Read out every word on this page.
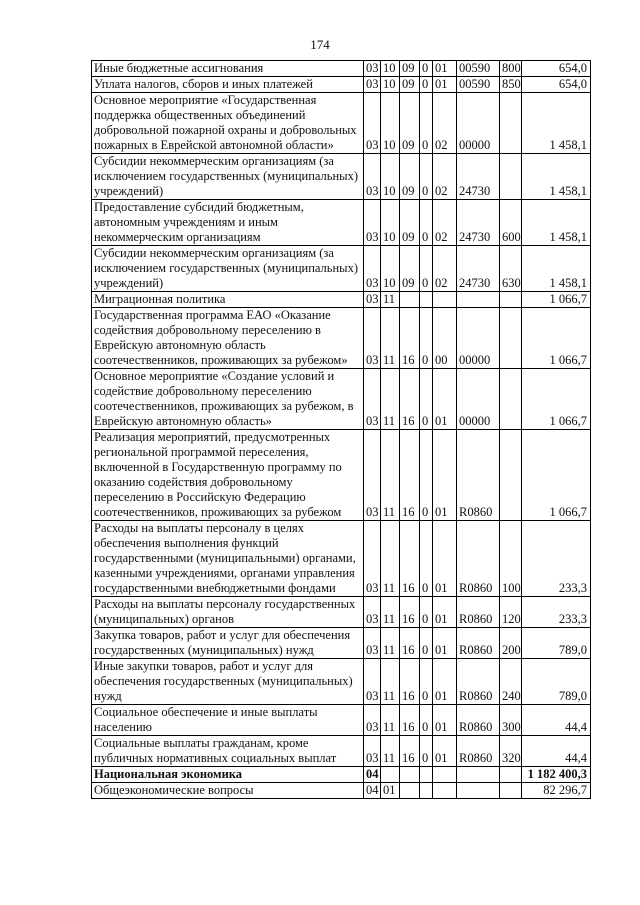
174
Иные бюджетные ассигнования	03	10	09	0	01	00590	800	654,0
Уплата налогов, сборов и иных платежей	03	10	09	0	01	00590	850	654,0
Основное мероприятие «Государственная поддержка общественных объединений добровольной пожарной охраны и добровольных пожарных в Еврейской автономной области»	03	10	09	0	02	00000		1 458,1
Субсидии некоммерческим организациям (за исключением государственных (муниципальных) учреждений)	03	10	09	0	02	24730		1 458,1
Предоставление субсидий бюджетным, автономным учреждениям и иным некоммерческим организациям	03	10	09	0	02	24730	600	1 458,1
Субсидии некоммерческим организациям (за исключением государственных (муниципальных) учреждений)	03	10	09	0	02	24730	630	1 458,1
Миграционная политика	03	11						1 066,7
Государственная программа ЕАО «Оказание содействия добровольному переселению в Еврейскую автономную область соотечественников, проживающих за рубежом»	03	11	16	0	00	00000		1 066,7
Основное мероприятие «Создание условий и содействие добровольному переселению соотечественников, проживающих за рубежом, в Еврейскую автономную область»	03	11	16	0	01	00000		1 066,7
Реализация мероприятий, предусмотренных региональной программой переселения, включенной в Государственную программу по оказанию содействия добровольному переселению в Российскую Федерацию соотечественников, проживающих за рубежом	03	11	16	0	01	R0860		1 066,7
Расходы на выплаты персоналу в целях обеспечения выполнения функций государственными (муниципальными) органами, казенными учреждениями, органами управления государственными внебюджетными фондами	03	11	16	0	01	R0860	100	233,3
Расходы на выплаты персоналу государственных (муниципальных) органов	03	11	16	0	01	R0860	120	233,3
Закупка товаров, работ и услуг для обеспечения государственных (муниципальных) нужд	03	11	16	0	01	R0860	200	789,0
Иные закупки товаров, работ и услуг для обеспечения государственных (муниципальных) нужд	03	11	16	0	01	R0860	240	789,0
Социальное обеспечение и иные выплаты населению	03	11	16	0	01	R0860	300	44,4
Социальные выплаты гражданам, кроме публичных нормативных социальных выплат	03	11	16	0	01	R0860	320	44,4
Национальная экономика	04							1 182 400,3
Общеэкономические вопросы	04	01						82 296,7
